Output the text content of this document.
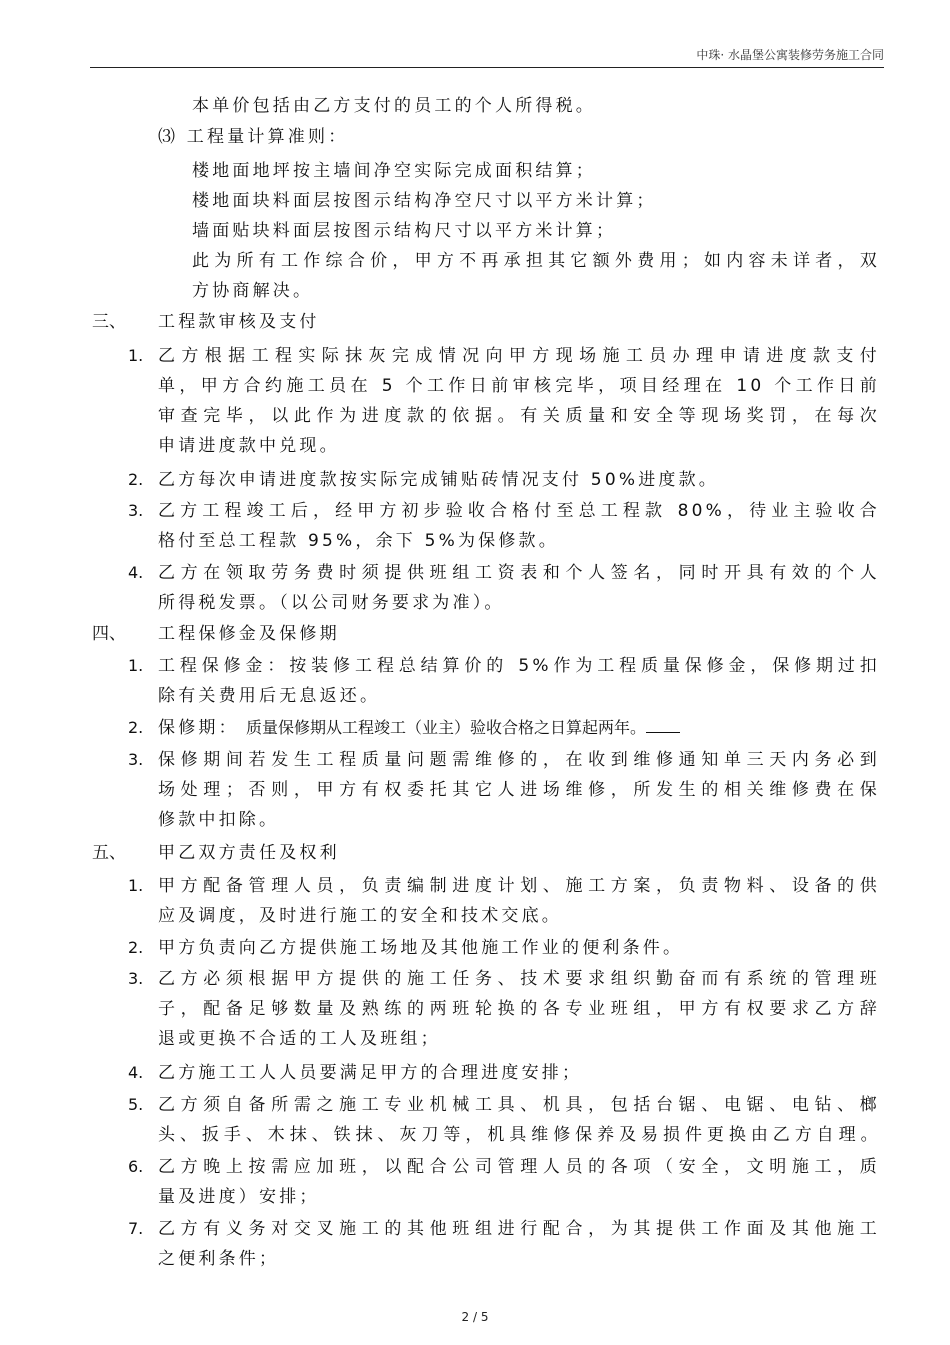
中珠· 水晶堡公寓装修劳务施工合同
本单价包括由乙方支付的员工的个人所得税。
⑶ 工程量计算准则：
楼地面地坪按主墙间净空实际完成面积结算；
楼地面块料面层按图示结构净空尺寸以平方米计算；
墙面贴块料面层按图示结构尺寸以平方米计算；
此为所有工作综合价，甲方不再承担其它额外费用；如内容未详者，双
方协商解决。
三、 工程款审核及支付
1. 乙方根据工程实际抹灰完成情况向甲方现场施工员办理申请进度款支付
单，甲方合约施工员在 5 个工作日前审核完毕，项目经理在 10 个工作日前
审查完毕，以此作为进度款的依据。有关质量和安全等现场奖罚，在每次
申请进度款中兑现。
2. 乙方每次申请进度款按实际完成铺贴砖情况支付 50%进度款。
3. 乙方工程竣工后，经甲方初步验收合格付至总工程款 80%，待业主验收合
格付至总工程款 95%，余下 5%为保修款。
4. 乙方在领取劳务费时须提供班组工资表和个人签名，同时开具有效的个人
所得税发票。（以公司财务要求为准）。
四、 工程保修金及保修期
1. 工程保修金：按装修工程总结算价的 5%作为工程质量保修金，保修期过扣
除有关费用后无息返还。
2. 保修期： 质量保修期从工程竣工（业主）验收合格之日算起两年。
3. 保修期间若发生工程质量问题需维修的，在收到维修通知单三天内务必到
场处理；否则，甲方有权委托其它人进场维修，所发生的相关维修费在保
修款中扣除。
五、 甲乙双方责任及权利
1. 甲方配备管理人员，负责编制进度计划、施工方案，负责物料、设备的供
应及调度，及时进行施工的安全和技术交底。
2. 甲方负责向乙方提供施工场地及其他施工作业的便利条件。
3. 乙方必须根据甲方提供的施工任务、技术要求组织勤奋而有系统的管理班
子，配备足够数量及熟练的两班轮换的各专业班组，甲方有权要求乙方辞
退或更换不合适的工人及班组；
4. 乙方施工工人人员要满足甲方的合理进度安排；
5. 乙方须自备所需之施工专业机械工具、机具，包括台锯、电锯、电钻、榔
头、扳手、木抹、铁抹、灰刀等，机具维修保养及易损件更换由乙方自理。
6. 乙方晚上按需应加班，以配合公司管理人员的各项（安全，文明施工，质
量及进度）安排；
7. 乙方有义务对交叉施工的其他班组进行配合，为其提供工作面及其他施工
之便利条件；
2 / 5
